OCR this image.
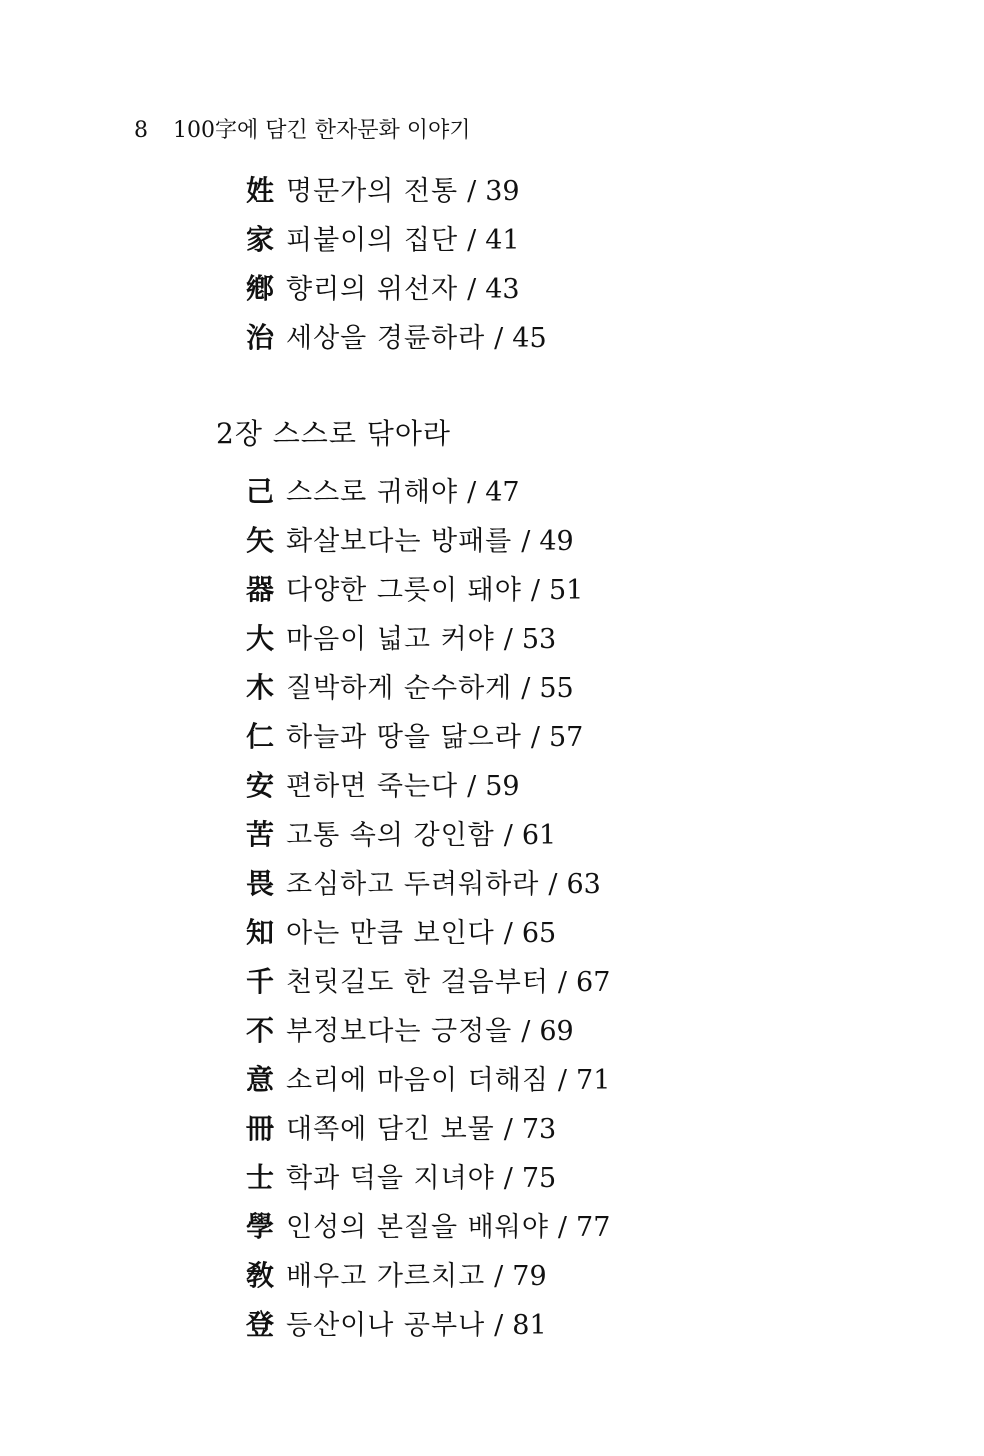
8 100字에 담긴 한자문화 이야기
姓 명문가의 전통 / 39
家 피붙이의 집단 / 41
鄕 향리의 위선자 / 43
治 세상을 경륜하라 / 45
2장 스스로 닦아라
己 스스로 귀해야 / 47
矢 화살보다는 방패를 / 49
器 다양한 그릇이 돼야 / 51
大 마음이 넓고 커야 / 53
木 질박하게 순수하게 / 55
仁 하늘과 땅을 닮으라 / 57
安 편하면 죽는다 / 59
苦 고통 속의 강인함 / 61
畏 조심하고 두려워하라 / 63
知 아는 만큼 보인다 / 65
千 천릿길도 한 걸음부터 / 67
不 부정보다는 긍정을 / 69
意 소리에 마음이 더해짐 / 71
冊 대쪽에 담긴 보물 / 73
士 학과 덕을 지녀야 / 75
學 인성의 본질을 배워야 / 77
敎 배우고 가르치고 / 79
登 등산이나 공부나 / 81
